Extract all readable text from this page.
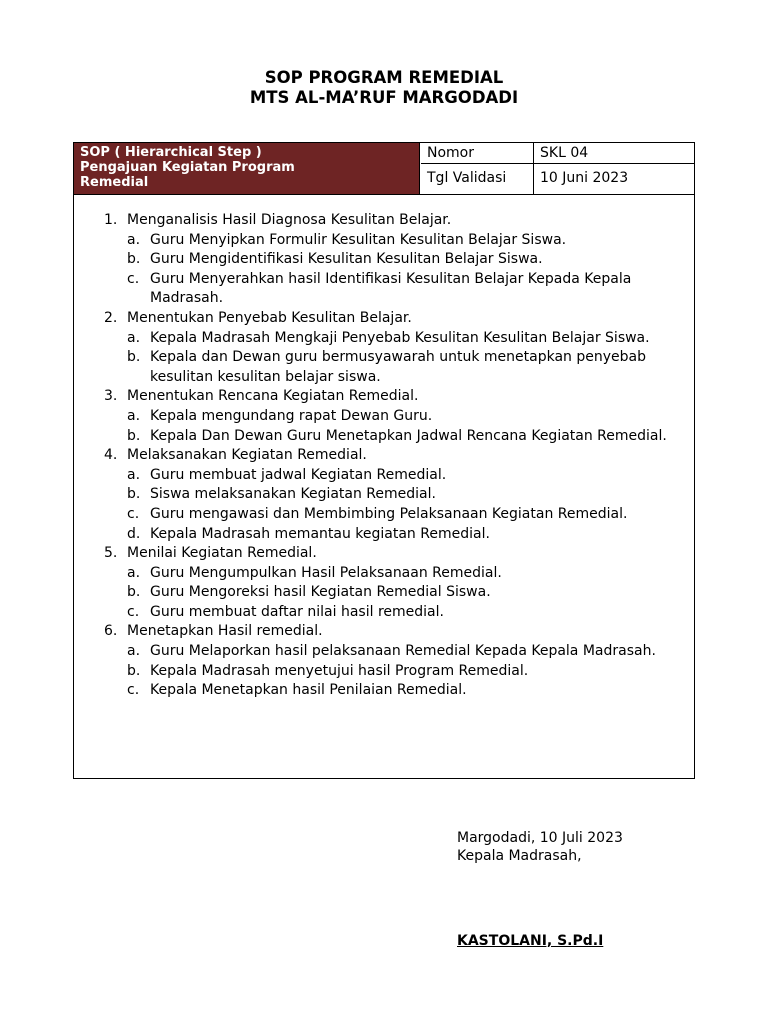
SOP PROGRAM REMEDIAL
MTS AL-MA’RUF MARGODADI
SOP ( Hierarchical Step )
Pengajuan Kegiatan Program
Remedial
Nomor	SKL 04
Tgl Validasi	10 Juni 2023
1. Menganalisis Hasil Diagnosa Kesulitan Belajar.
a. Guru Menyipkan Formulir Kesulitan Kesulitan Belajar Siswa.
b. Guru Mengidentifikasi Kesulitan Kesulitan Belajar Siswa.
c. Guru Menyerahkan hasil Identifikasi Kesulitan Belajar Kepada Kepala Madrasah.
2. Menentukan Penyebab Kesulitan Belajar.
a. Kepala Madrasah Mengkaji Penyebab Kesulitan Kesulitan Belajar Siswa.
b. Kepala dan Dewan guru bermusyawarah untuk menetapkan penyebab kesulitan kesulitan belajar siswa.
3. Menentukan Rencana Kegiatan Remedial.
a. Kepala mengundang rapat Dewan Guru.
b. Kepala Dan Dewan Guru Menetapkan Jadwal Rencana Kegiatan Remedial.
4. Melaksanakan Kegiatan Remedial.
a. Guru membuat jadwal Kegiatan Remedial.
b. Siswa melaksanakan Kegiatan Remedial.
c. Guru mengawasi dan Membimbing Pelaksanaan Kegiatan Remedial.
d. Kepala Madrasah memantau kegiatan Remedial.
5. Menilai Kegiatan Remedial.
a. Guru Mengumpulkan Hasil Pelaksanaan Remedial.
b. Guru Mengoreksi hasil Kegiatan Remedial Siswa.
c. Guru membuat daftar nilai hasil remedial.
6. Menetapkan Hasil remedial.
a. Guru Melaporkan hasil pelaksanaan Remedial Kepada Kepala Madrasah.
b. Kepala Madrasah menyetujui hasil Program Remedial.
c. Kepala Menetapkan hasil Penilaian Remedial.
Margodadi, 10 Juli 2023
Kepala Madrasah,
KASTOLANI, S.Pd.I
